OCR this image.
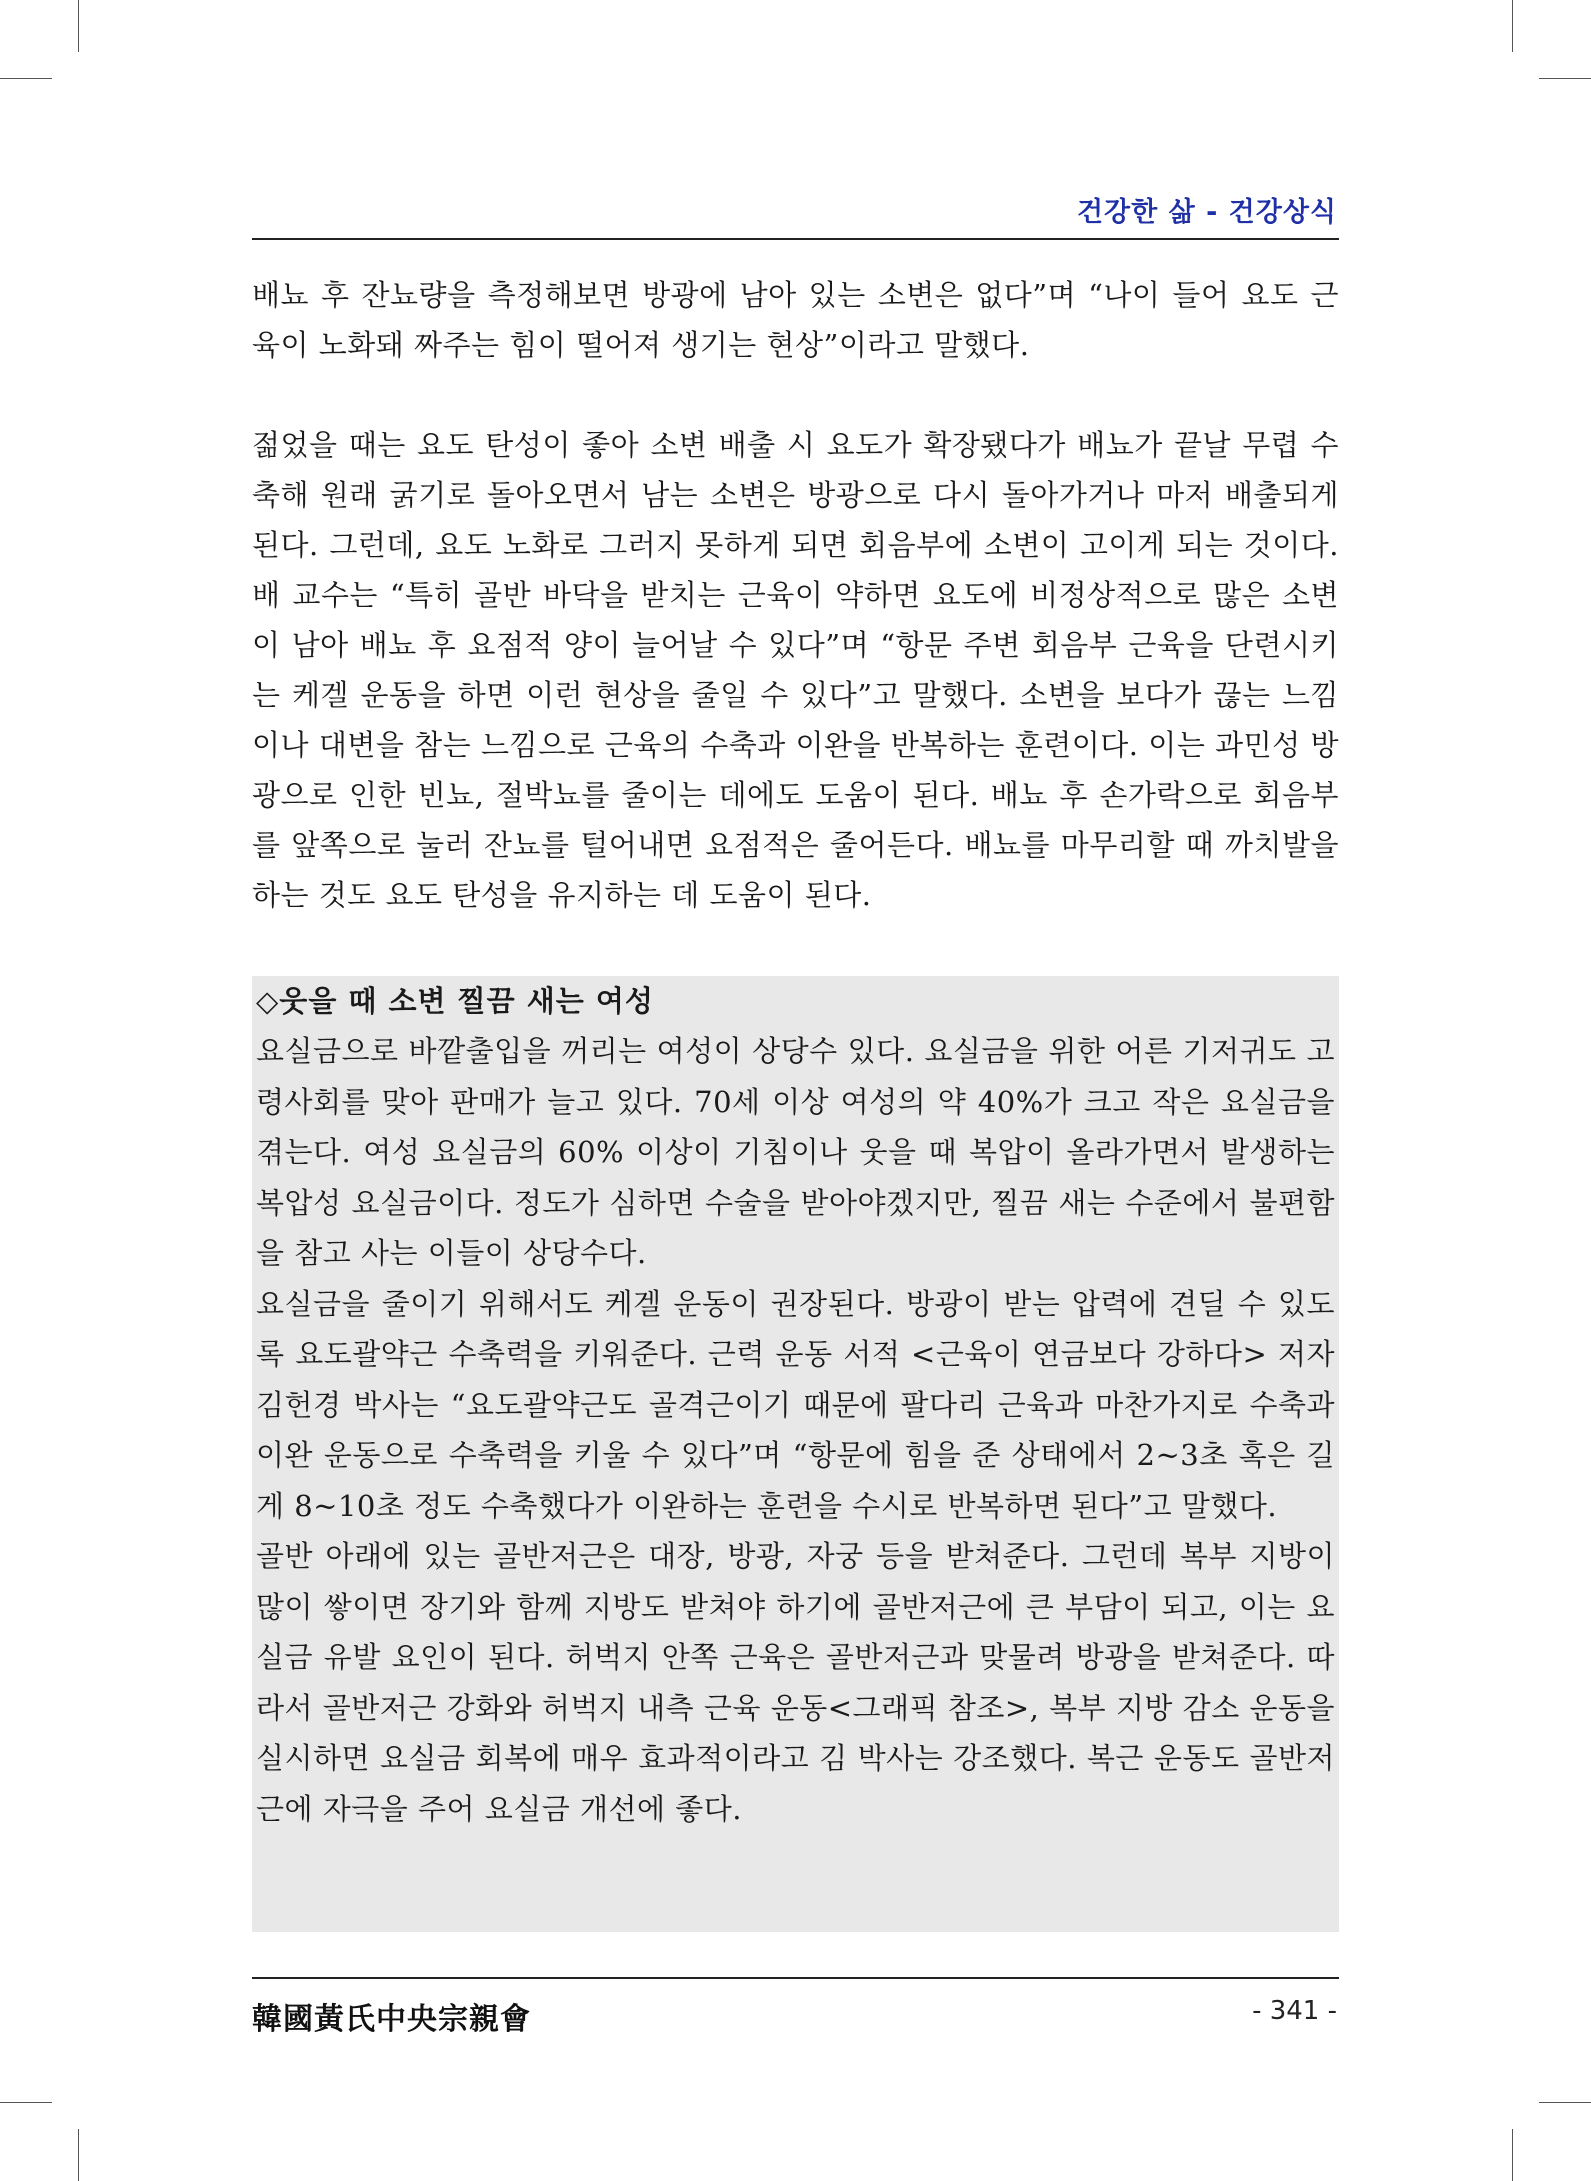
건강한 삶 - 건강상식

배뇨 후 잔뇨량을 측정해보면 방광에 남아 있는 소변은 없다”며 “나이 들어 요도 근육이 노화돼 짜주는 힘이 떨어져 생기는 현상”이라고 말했다.

젊었을 때는 요도 탄성이 좋아 소변 배출 시 요도가 확장됐다가 배뇨가 끝날 무렵 수축해 원래 굵기로 돌아오면서 남는 소변은 방광으로 다시 돌아가거나 마저 배출되게 된다. 그런데, 요도 노화로 그러지 못하게 되면 회음부에 소변이 고이게 되는 것이다. 배 교수는 “특히 골반 바닥을 받치는 근육이 약하면 요도에 비정상적으로 많은 소변이 남아 배뇨 후 요점적 양이 늘어날 수 있다”며 “항문 주변 회음부 근육을 단련시키는 케겔 운동을 하면 이런 현상을 줄일 수 있다”고 말했다. 소변을 보다가 끊는 느낌이나 대변을 참는 느낌으로 근육의 수축과 이완을 반복하는 훈련이다. 이는 과민성 방광으로 인한 빈뇨, 절박뇨를 줄이는 데에도 도움이 된다. 배뇨 후 손가락으로 회음부를 앞쪽으로 눌러 잔뇨를 털어내면 요점적은 줄어든다. 배뇨를 마무리할 때 까치발을 하는 것도 요도 탄성을 유지하는 데 도움이 된다.

◇웃을 때 소변 찔끔 새는 여성

요실금으로 바깥출입을 꺼리는 여성이 상당수 있다. 요실금을 위한 어른 기저귀도 고령사회를 맞아 판매가 늘고 있다. 70세 이상 여성의 약 40%가 크고 작은 요실금을 겪는다. 여성 요실금의 60% 이상이 기침이나 웃을 때 복압이 올라가면서 발생하는 복압성 요실금이다. 정도가 심하면 수술을 받아야겠지만, 찔끔 새는 수준에서 불편함을 참고 사는 이들이 상당수다.

요실금을 줄이기 위해서도 케겔 운동이 권장된다. 방광이 받는 압력에 견딜 수 있도록 요도괄약근 수축력을 키워준다. 근력 운동 서적 <근육이 연금보다 강하다> 저자 김헌경 박사는 “요도괄약근도 골격근이기 때문에 팔다리 근육과 마찬가지로 수축과 이완 운동으로 수축력을 키울 수 있다”며 “항문에 힘을 준 상태에서 2~3초 혹은 길게 8~10초 정도 수축했다가 이완하는 훈련을 수시로 반복하면 된다”고 말했다.

골반 아래에 있는 골반저근은 대장, 방광, 자궁 등을 받쳐준다. 그런데 복부 지방이 많이 쌓이면 장기와 함께 지방도 받쳐야 하기에 골반저근에 큰 부담이 되고, 이는 요실금 유발 요인이 된다. 허벅지 안쪽 근육은 골반저근과 맞물려 방광을 받쳐준다. 따라서 골반저근 강화와 허벅지 내측 근육 운동<그래픽 참조>, 복부 지방 감소 운동을 실시하면 요실금 회복에 매우 효과적이라고 김 박사는 강조했다. 복근 운동도 골반저근에 자극을 주어 요실금 개선에 좋다.

韓國黃氏中央宗親會	- 341 -
